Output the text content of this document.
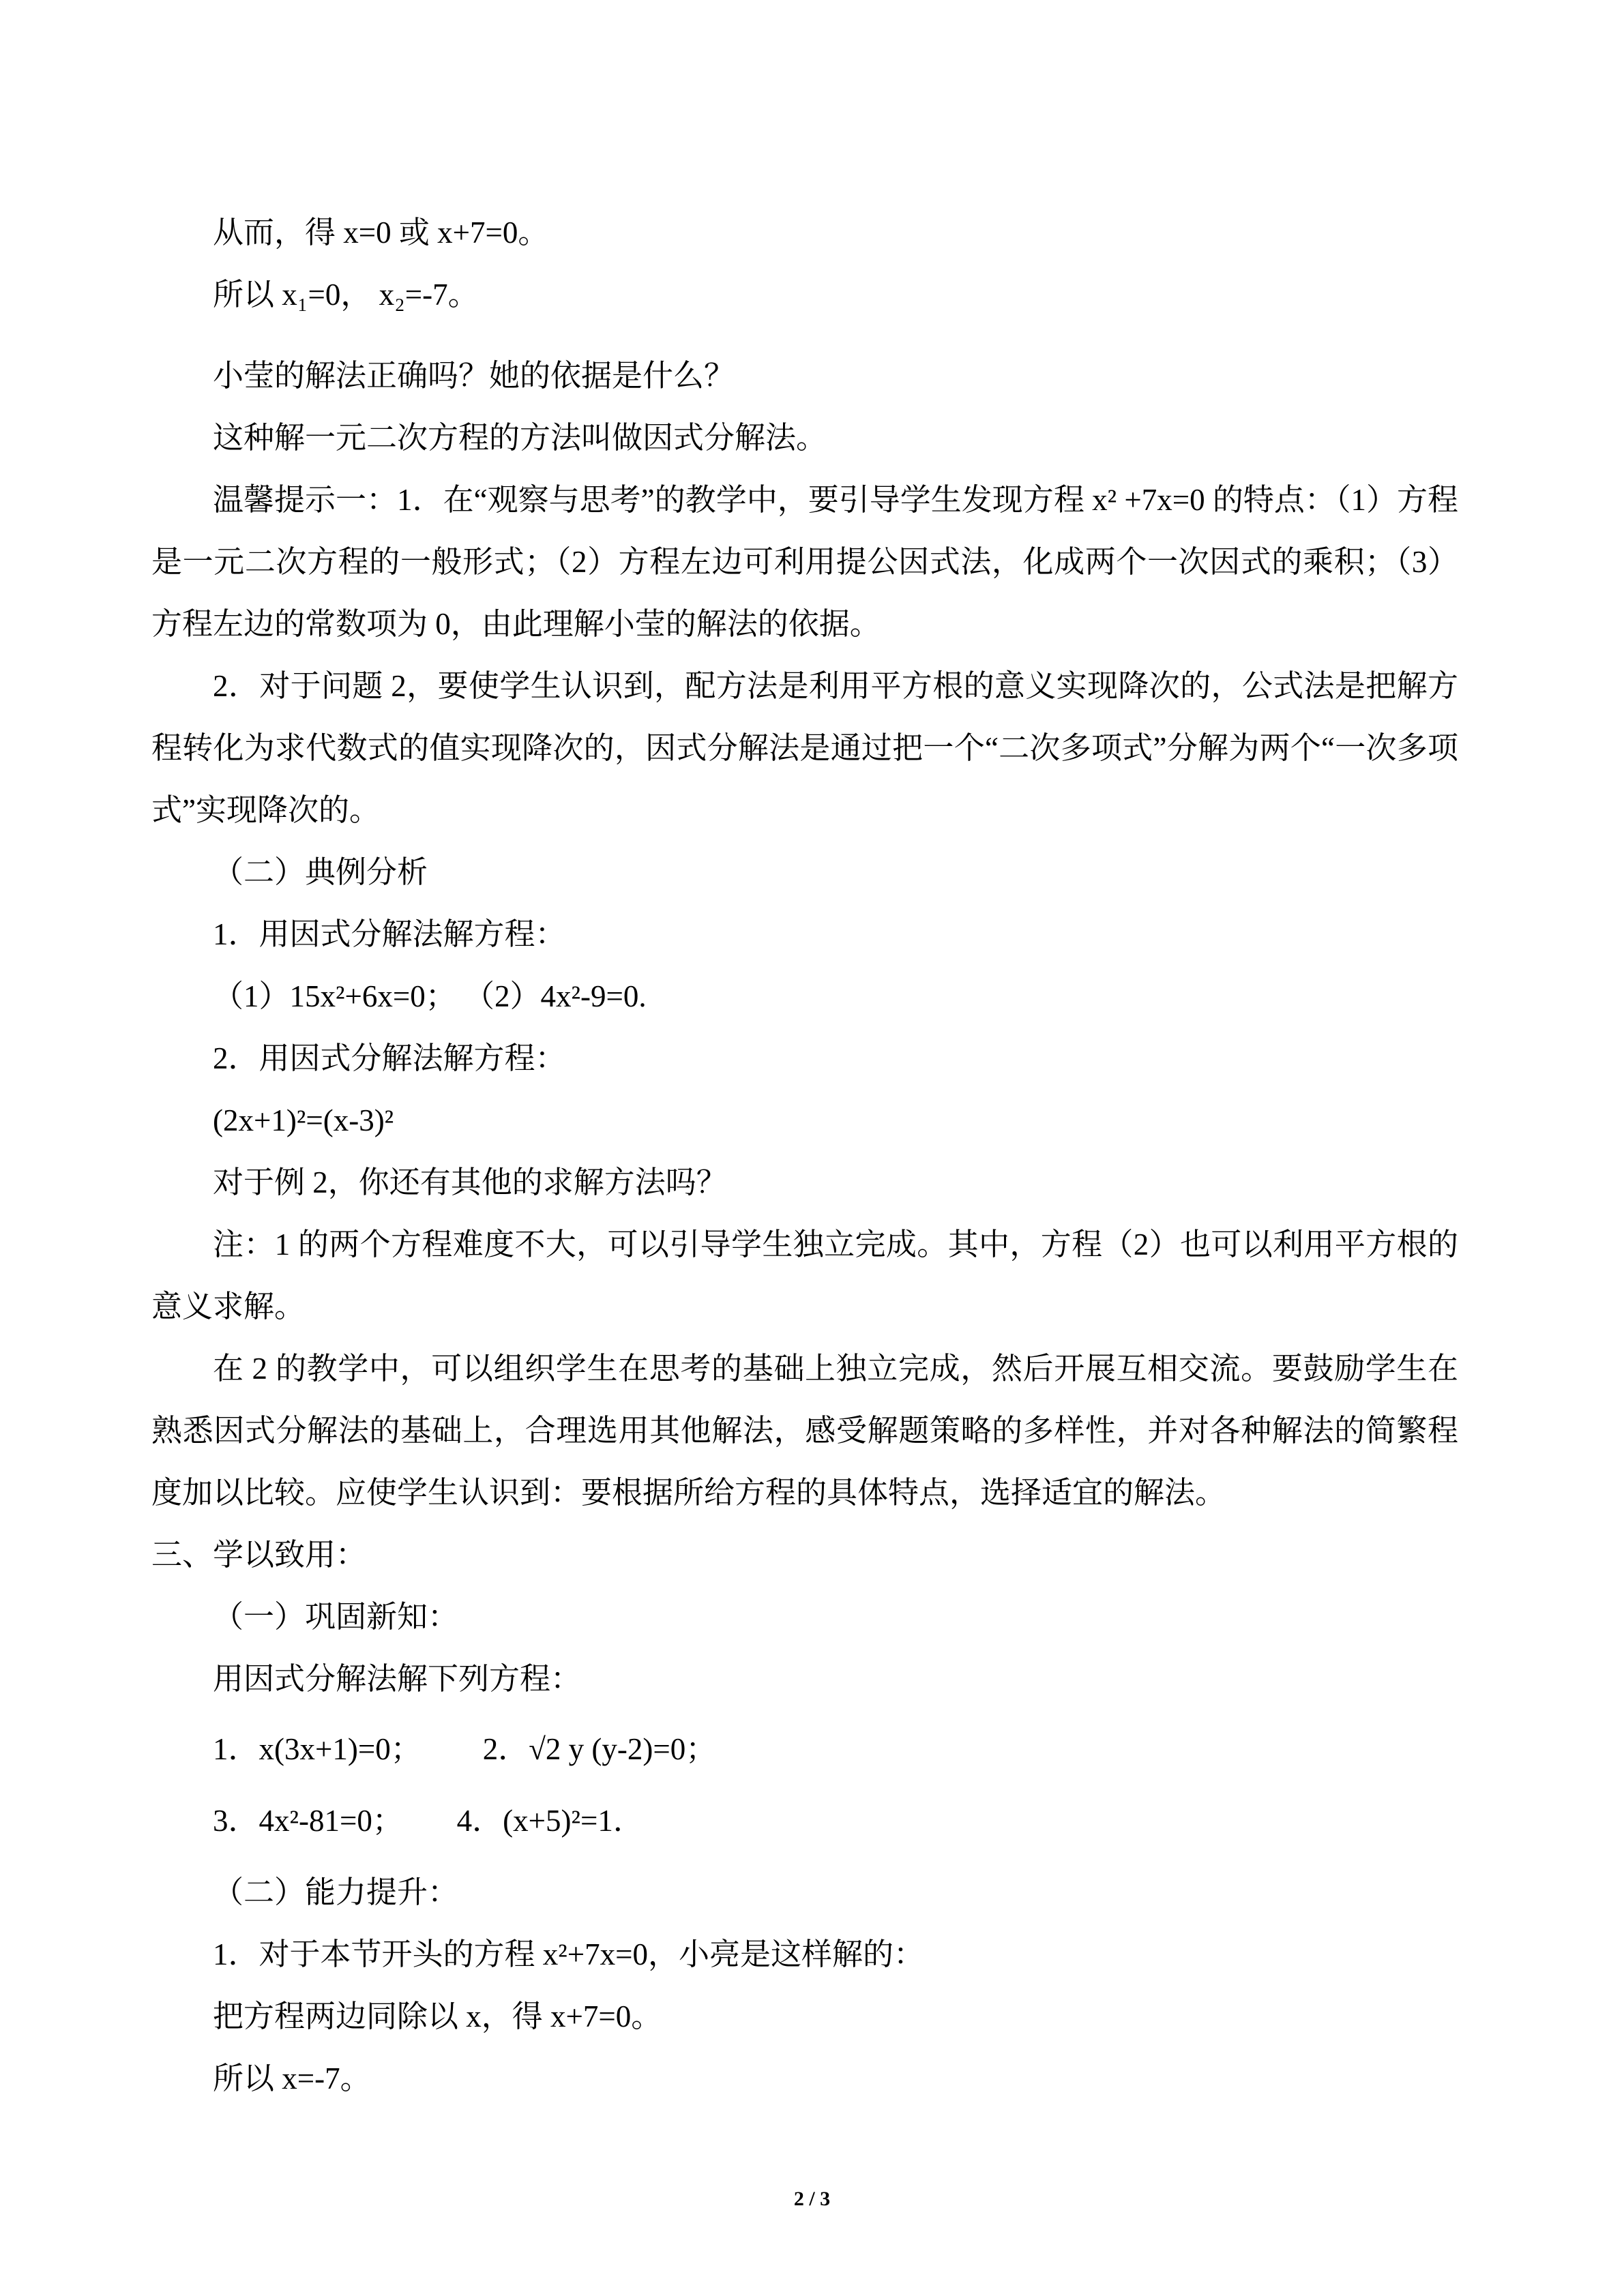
从而，得 x=0 或 x+7=0。

所以 x₁=0， x₂=-7。

小莹的解法正确吗？她的依据是什么？

这种解一元二次方程的方法叫做因式分解法。

温馨提示一：1．在“观察与思考”的教学中，要引导学生发现方程 x² +7x=0 的特点：（1）方程是一元二次方程的一般形式；（2）方程左边可利用提公因式法，化成两个一次因式的乘积；（3）方程左边的常数项为 0，由此理解小莹的解法的依据。

2．对于问题 2，要使学生认识到，配方法是利用平方根的意义实现降次的，公式法是把解方程转化为求代数式的值实现降次的，因式分解法是通过把一个“二次多项式”分解为两个“一次多项式”实现降次的。

（二）典例分析

1．用因式分解法解方程：

（1）15x²+6x=0； （2）4x²-9=0.

2．用因式分解法解方程：

(2x+1)²=(x-3)²

对于例 2，你还有其他的求解方法吗？

注：1 的两个方程难度不大，可以引导学生独立完成。其中，方程（2）也可以利用平方根的意义求解。

在 2 的教学中，可以组织学生在思考的基础上独立完成，然后开展互相交流。要鼓励学生在熟悉因式分解法的基础上，合理选用其他解法，感受解题策略的多样性，并对各种解法的简繁程度加以比较。应使学生认识到：要根据所给方程的具体特点，选择适宜的解法。

三、学以致用：

（一）巩固新知：

用因式分解法解下列方程：

1．x(3x+1)=0；        2．√2 y (y-2)=0；

3．4x²-81=0；       4．(x+5)²=1．

（二）能力提升：

1．对于本节开头的方程 x²+7x=0，小亮是这样解的：

把方程两边同除以 x，得 x+7=0。

所以 x=-7。

2 / 3
